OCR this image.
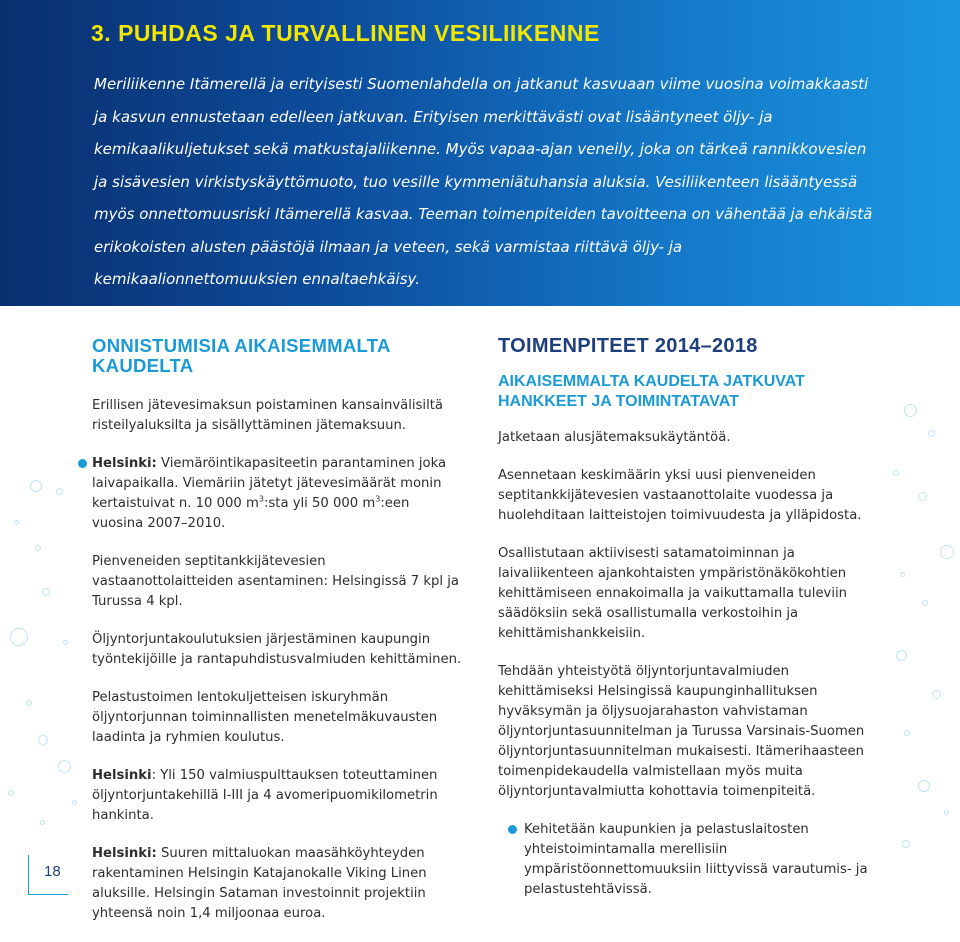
3. PUHDAS JA TURVALLINEN VESILIIKENNE

Meriliikenne Itämerellä ja erityisesti Suomenlahdella on jatkanut kasvuaan viime vuosina voimakkaasti ja kasvun ennustetaan edelleen jatkuvan. Erityisen merkittävästi ovat lisääntyneet öljy- ja kemikaalikuljetukset sekä matkustajaliikenne. Myös vapaa-ajan veneily, joka on tärkeä rannikkovesien ja sisävesien virkistyskäyttömuoto, tuo vesille kymmeniätuhansia aluksia. Vesiliikenteen lisääntyessä myös onnettomuusriski Itämerellä kasvaa. Teeman toimenpiteiden tavoitteena on vähentää ja ehkäistä erikokoisten alusten päästöjä ilmaan ja veteen, sekä varmistaa riittävä öljy- ja kemikaalionnettomuuksien ennaltaehkäisy.

ONNISTUMISIA AIKAISEMMALTA KAUDELTA

Erillisen jätevesimaksun poistaminen kansainvälisiltä risteilyaluksilta ja sisällyttäminen jätemaksuun.

Helsinki: Viemäröintikapasiteetin parantaminen joka laivapaikalla. Viemäriin jätetyt jätevesimäärät monin kertaistuivat n. 10 000 $m^3:sta$ yli 50 000 $m^3:een$ vuosina 2007–2010.

Pienveneiden septitankkijätevesien vastaanottolaitteiden asentaminen: Helsingissä 7 kpl ja Turussa 4 kpl.

Öljyntorjuntakoulutuksien järjestäminen kaupungin työntekijöille ja rantapuhdistusvalmiuden kehittäminen.

Pelastustoimen lentokuljetteisen iskuryhmän öljyntorjunnan toiminnallisten menetelmäkuvausten laadinta ja ryhmien koulutus.

Helsinki: Yli 150 valmiuspulttauksen toteuttaminen öljyntorjuntakehillä I-III ja 4 avomeripuomikilometrin hankinta.

Helsinki: Suuren mittaluokan maasähköyhteyden rakentaminen Helsingin Katajanokalle Viking Linen aluksille. Helsingin Sataman investoinnit projektiin yhteensä noin 1,4 miljoonaa euroa.

TOIMENPITEET 2014–2018
AIKAISEMMALTA KAUDELTA JATKUVAT HANKKEET JA TOIMINTATAVAT

Jatketaan alusjätemaksukäytäntöä.

Asennetaan keskimäärin yksi uusi pienveneiden septitankkijätevesien vastaanottolaite vuodessa ja huolehditaan laitteistojen toimivuudesta ja ylläpidosta.

Osallistutaan aktiivisesti satamatoiminnan ja laivaliikenteen ajankohtaisten ympäristönäkökohtien kehittämiseen ennakoimalla ja vaikuttamalla tuleviin säädöksiin sekä osallistumalla verkostoihin ja kehittämishankkeisiin.

Tehdään yhteistyötä öljyntorjuntavalmiuden kehittämiseksi Helsingissä kaupunginhallituksen hyväksymän ja öljysuojarahaston vahvistaman öljyntorjuntasuunnitelman ja Turussa Varsinais-Suomen öljyntorjuntasuunnitelman mukaisesti. Itämerihaasteen toimenpidekaudella valmistellaan myös muita öljyntorjuntavalmiutta kohottavia toimenpiteitä.

Kehitetään kaupunkien ja pelastuslaitosten yhteistoimintamalla merellisiin ympäristöonnettomuuksiin liittyvissä varautumis- ja pelastustehtävissä.

18
